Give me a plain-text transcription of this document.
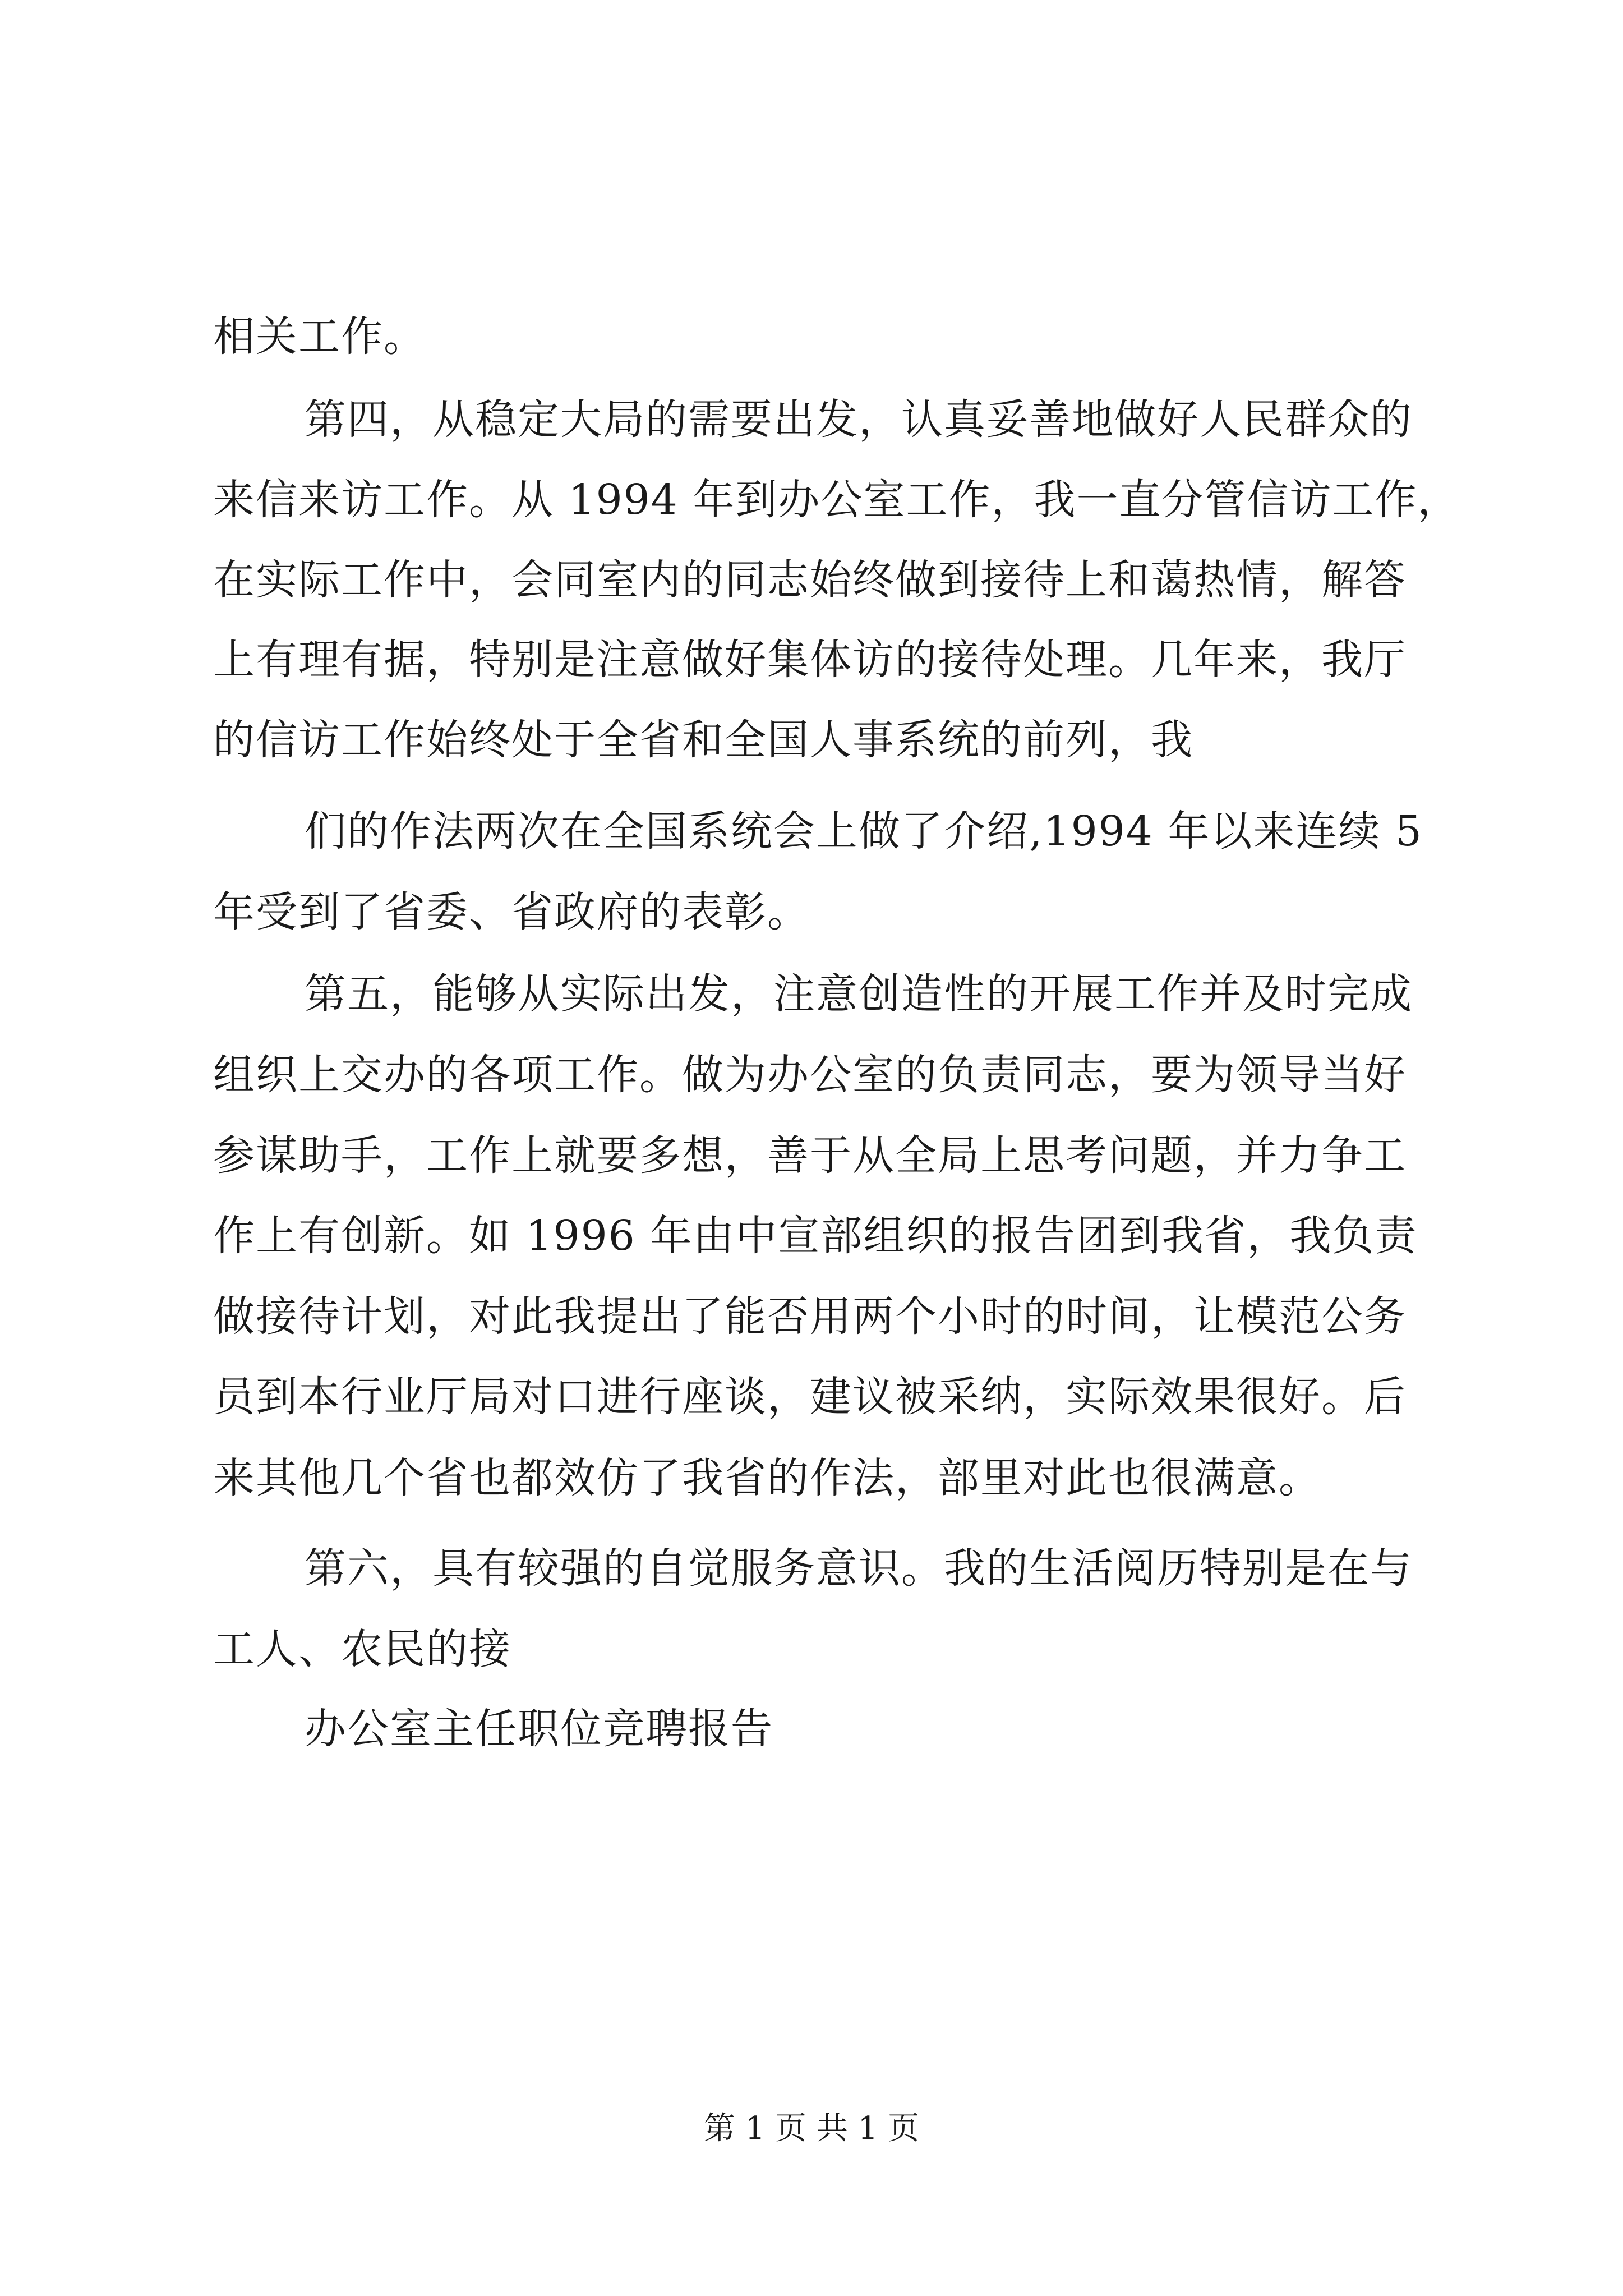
相关工作。
第四，从稳定大局的需要出发，认真妥善地做好人民群众的
来信来访工作。从 1994 年到办公室工作，我一直分管信访工作，
在实际工作中，会同室内的同志始终做到接待上和蔼热情，解答
上有理有据，特别是注意做好集体访的接待处理。几年来，我厅
的信访工作始终处于全省和全国人事系统的前列，我
们的作法两次在全国系统会上做了介绍,1994 年以来连续 5
年受到了省委、省政府的表彰。
第五，能够从实际出发，注意创造性的开展工作并及时完成
组织上交办的各项工作。做为办公室的负责同志，要为领导当好
参谋助手，工作上就要多想，善于从全局上思考问题，并力争工
作上有创新。如 1996 年由中宣部组织的报告团到我省，我负责
做接待计划，对此我提出了能否用两个小时的时间，让模范公务
员到本行业厅局对口进行座谈，建议被采纳，实际效果很好。后
来其他几个省也都效仿了我省的作法，部里对此也很满意。
第六，具有较强的自觉服务意识。我的生活阅历特别是在与
工人、农民的接
办公室主任职位竞聘报告
第 1 页 共 1 页
